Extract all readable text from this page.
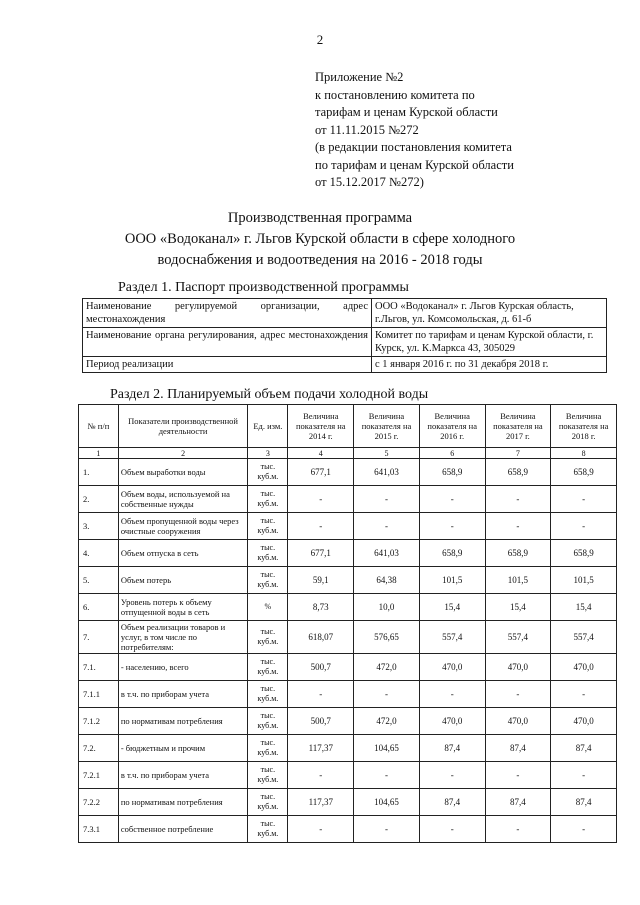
2
Приложение №2
к постановлению комитета по
тарифам и ценам Курской области
от 11.11.2015 №272
(в редакции постановления комитета
по тарифам и ценам Курской области
от 15.12.2017 №272)
Производственная программа
ООО «Водоканал» г. Льгов Курской области в сфере холодного
водоснабжения и водоотведения на 2016 - 2018 годы
Раздел 1. Паспорт производственной программы
Наименование регулируемой организации, адрес местонахождения	ООО «Водоканал» г. Льгов Курская область, г.Льгов, ул. Комсомольская, д. 61-б
Наименование органа регулирования, адрес местонахождения	Комитет по тарифам и ценам Курской области, г. Курск, ул. К.Маркса 43, 305029
Период реализации	с 1 января 2016 г. по 31 декабря 2018 г.
Раздел 2. Планируемый объем подачи холодной воды
№ п/п	Показатели производственной деятельности	Ед. изм.	Величина показателя на 2014 г.	Величина показателя на 2015 г.	Величина показателя на 2016 г.	Величина показателя на 2017 г.	Величина показателя на 2018 г.
1	2	3	4	5	6	7	8
1.	Объем выработки воды	тыс. куб.м.	677,1	641,03	658,9	658,9	658,9
2.	Объем воды, используемой на собственные нужды	тыс. куб.м.	-	-	-	-	-
3.	Объем пропущенной воды через очистные сооружения	тыс. куб.м.	-	-	-	-	-
4.	Объем отпуска в сеть	тыс. куб.м.	677,1	641,03	658,9	658,9	658,9
5.	Объем потерь	тыс. куб.м.	59,1	64,38	101,5	101,5	101,5
6.	Уровень потерь к объему отпущенной воды в сеть	%	8,73	10,0	15,4	15,4	15,4
7.	Объем реализации товаров и услуг, в том числе по потребителям:	тыс. куб.м.	618,07	576,65	557,4	557,4	557,4
7.1.	- населению, всего	тыс. куб.м.	500,7	472,0	470,0	470,0	470,0
7.1.1	в т.ч. по приборам учета	тыс. куб.м.	-	-	-	-	-
7.1.2	по нормативам потребления	тыс. куб.м.	500,7	472,0	470,0	470,0	470,0
7.2.	- бюджетным и прочим	тыс. куб.м.	117,37	104,65	87,4	87,4	87,4
7.2.1	в т.ч. по приборам учета	тыс. куб.м.	-	-	-	-	-
7.2.2	по нормативам потребления	тыс. куб.м.	117,37	104,65	87,4	87,4	87,4
7.3.1	собственное потребление	тыс. куб.м.	-	-	-	-	-
